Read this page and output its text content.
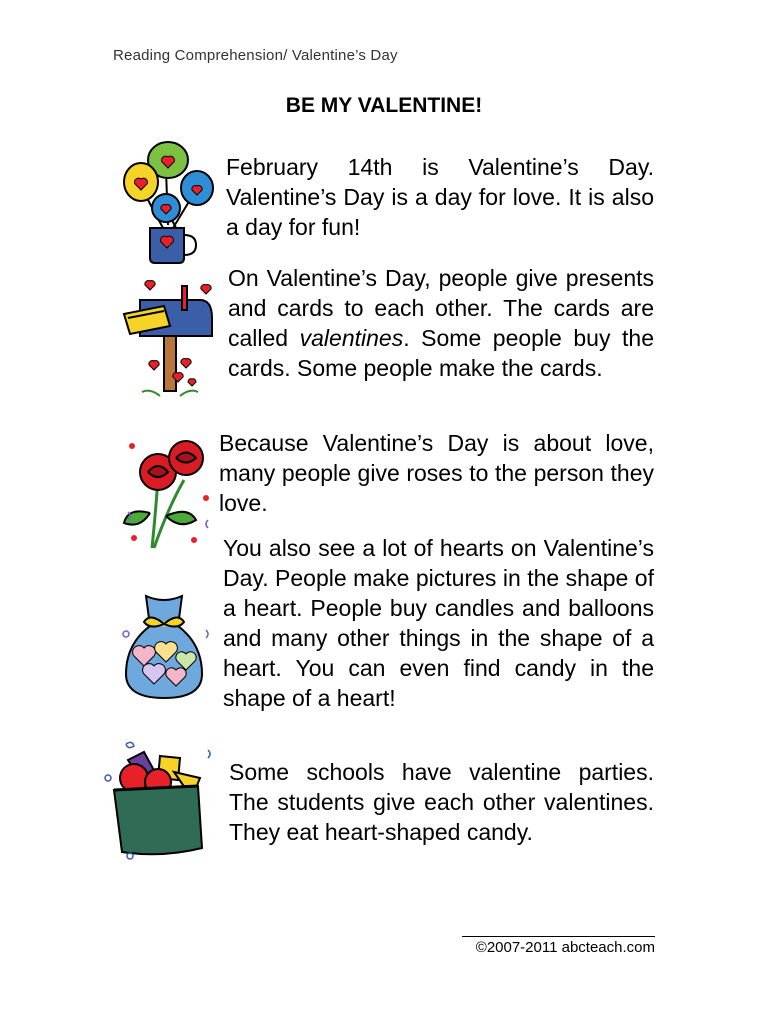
Reading Comprehension/ Valentine’s Day
BE MY VALENTINE!

February 14th is Valentine’s Day. Valentine’s Day is a day for love. It is also a day for fun!

On Valentine’s Day, people give presents and cards to each other. The cards are called valentines. Some people buy the cards. Some people make the cards.

Because Valentine’s Day is about love, many people give roses to the person they love.

You also see a lot of hearts on Valentine’s Day. People make pictures in the shape of a heart. People buy candles and balloons and many other things in the shape of a heart. You can even find candy in the shape of a heart!

Some schools have valentine parties. The students give each other valentines. They eat heart-shaped candy.

©2007-2011 abcteach.com
